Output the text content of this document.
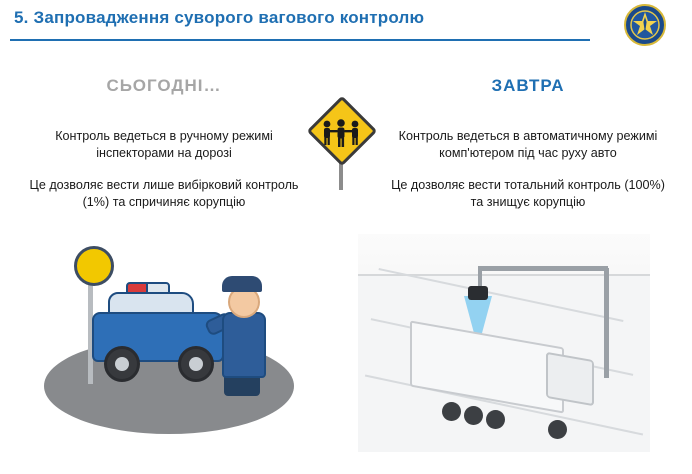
5. Запровадження суворого вагового контролю
СЬОГОДНІ…

Контроль ведеться в ручному режимі інспекторами на дорозі

Це дозволяє вести лише вибірковий контроль (1%) та спричиняє корупцію

ЗАВТРА

Контроль ведеться в автоматичному режимі комп'ютером під час руху авто

Це дозволяє вести тотальний контроль (100%) та знищує корупцію
